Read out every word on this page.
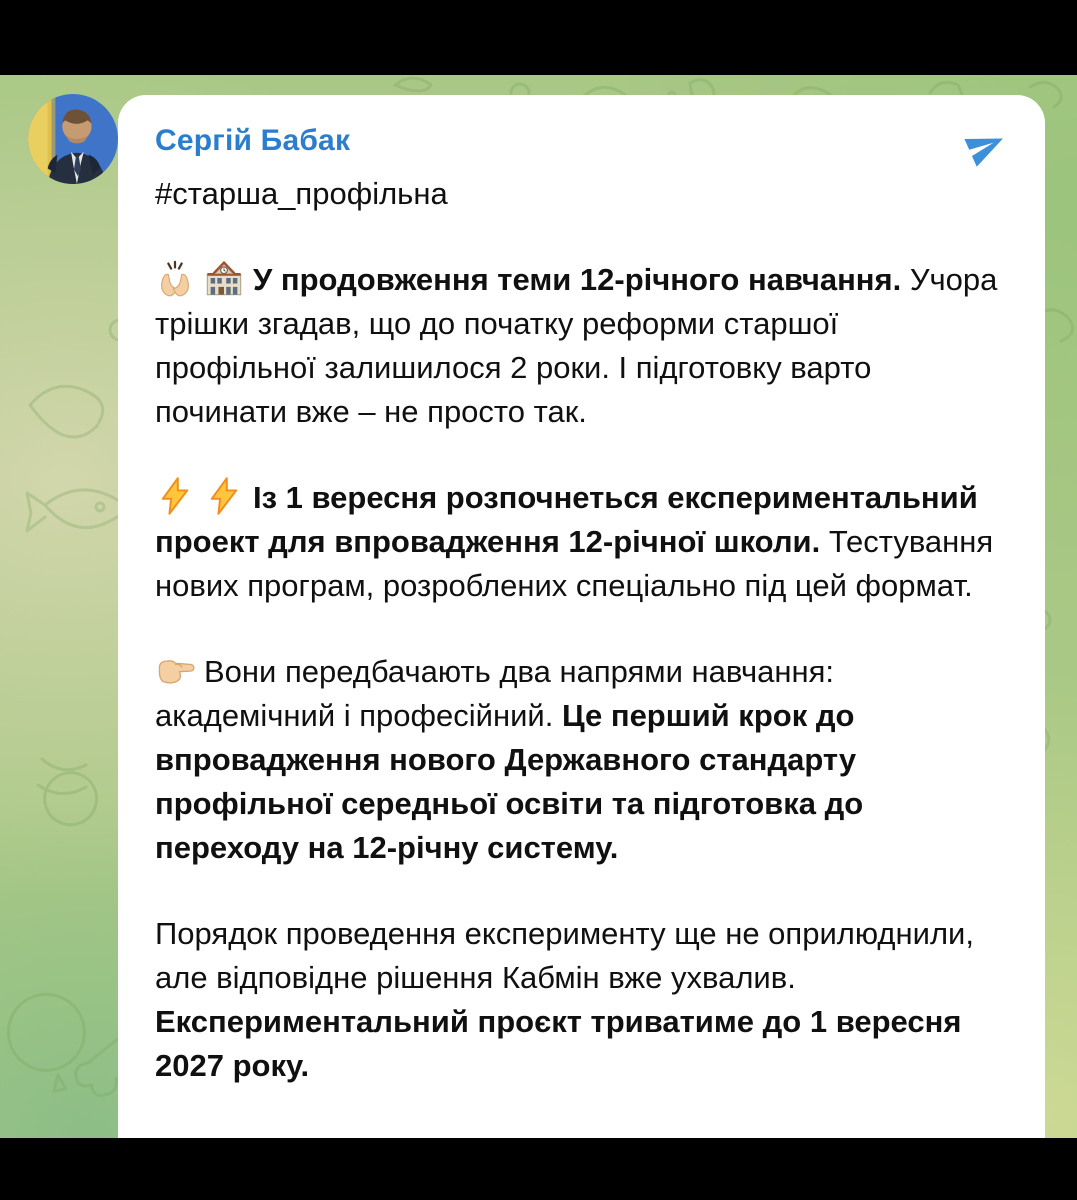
Сергій Бабак

#старша_профільна

У продовження теми 12-річного навчання. Учора трішки згадав, що до початку реформи старшої профільної залишилося 2 роки. І підготовку варто починати вже – не просто так.

Із 1 вересня розпочнеться експериментальний проект для впровадження 12-річної школи. Тестування нових програм, розроблених спеціально під цей формат.

Вони передбачають два напрями навчання: академічний і професійний. Це перший крок до впровадження нового Державного стандарту профільної середньої освіти та підготовка до переходу на 12-річну систему.

Порядок проведення експерименту ще не оприлюднили, але відповідне рішення Кабмін вже ухвалив. Експериментальний проєкт триватиме до 1 вересня 2027 року.
